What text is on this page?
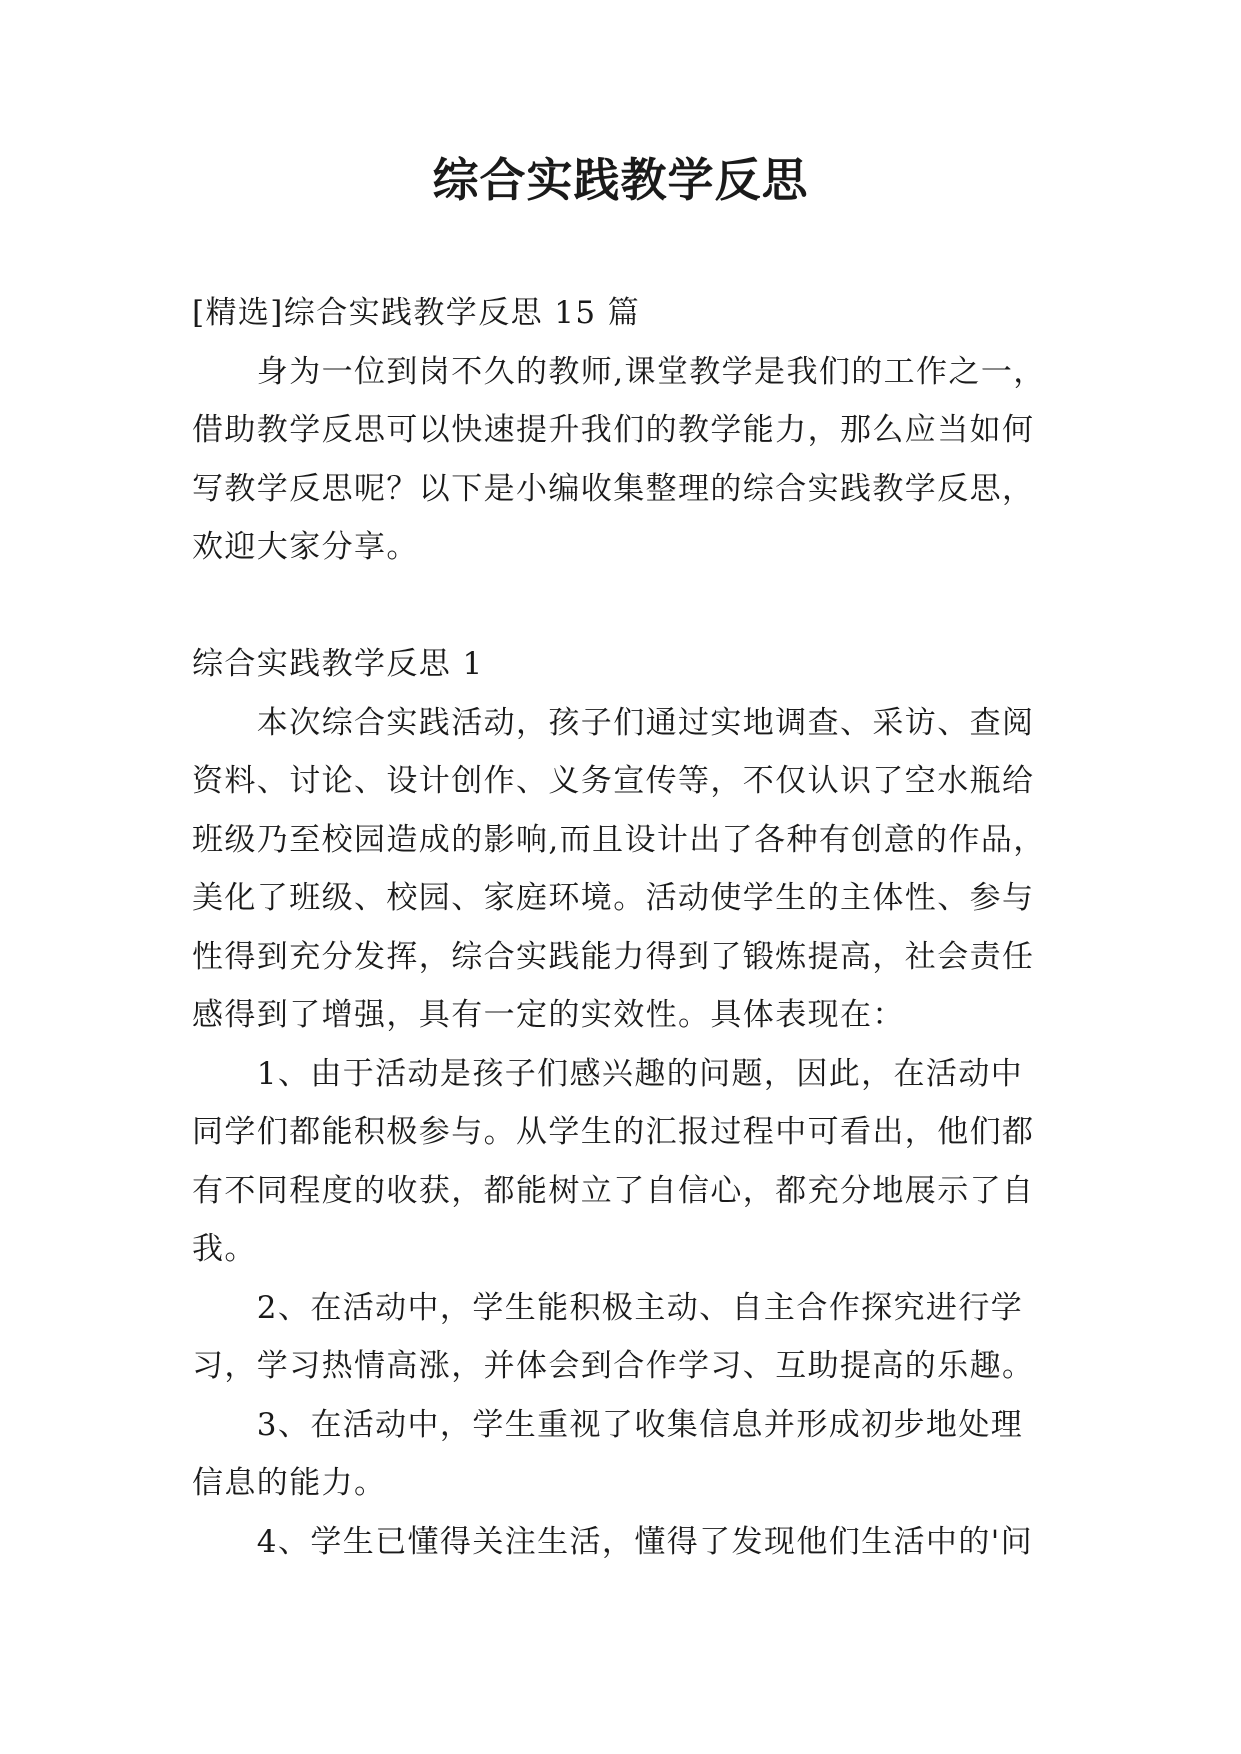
综合实践教学反思
[精选]综合实践教学反思 15 篇
　　身为一位到岗不久的教师,课堂教学是我们的工作之一，
借助教学反思可以快速提升我们的教学能力，那么应当如何
写教学反思呢？以下是小编收集整理的综合实践教学反思，
欢迎大家分享。
综合实践教学反思 1
　　本次综合实践活动，孩子们通过实地调查、采访、查阅
资料、讨论、设计创作、义务宣传等，不仅认识了空水瓶给
班级乃至校园造成的影响,而且设计出了各种有创意的作品，
美化了班级、校园、家庭环境。活动使学生的主体性、参与
性得到充分发挥，综合实践能力得到了锻炼提高，社会责任
感得到了增强，具有一定的实效性。具体表现在：
　　1、由于活动是孩子们感兴趣的问题，因此，在活动中
同学们都能积极参与。从学生的汇报过程中可看出，他们都
有不同程度的收获，都能树立了自信心，都充分地展示了自
我。
　　2、在活动中，学生能积极主动、自主合作探究进行学
习，学习热情高涨，并体会到合作学习、互助提高的乐趣。
　　3、在活动中，学生重视了收集信息并形成初步地处理
信息的能力。
　　4、学生已懂得关注生活，懂得了发现他们生活中的'问
